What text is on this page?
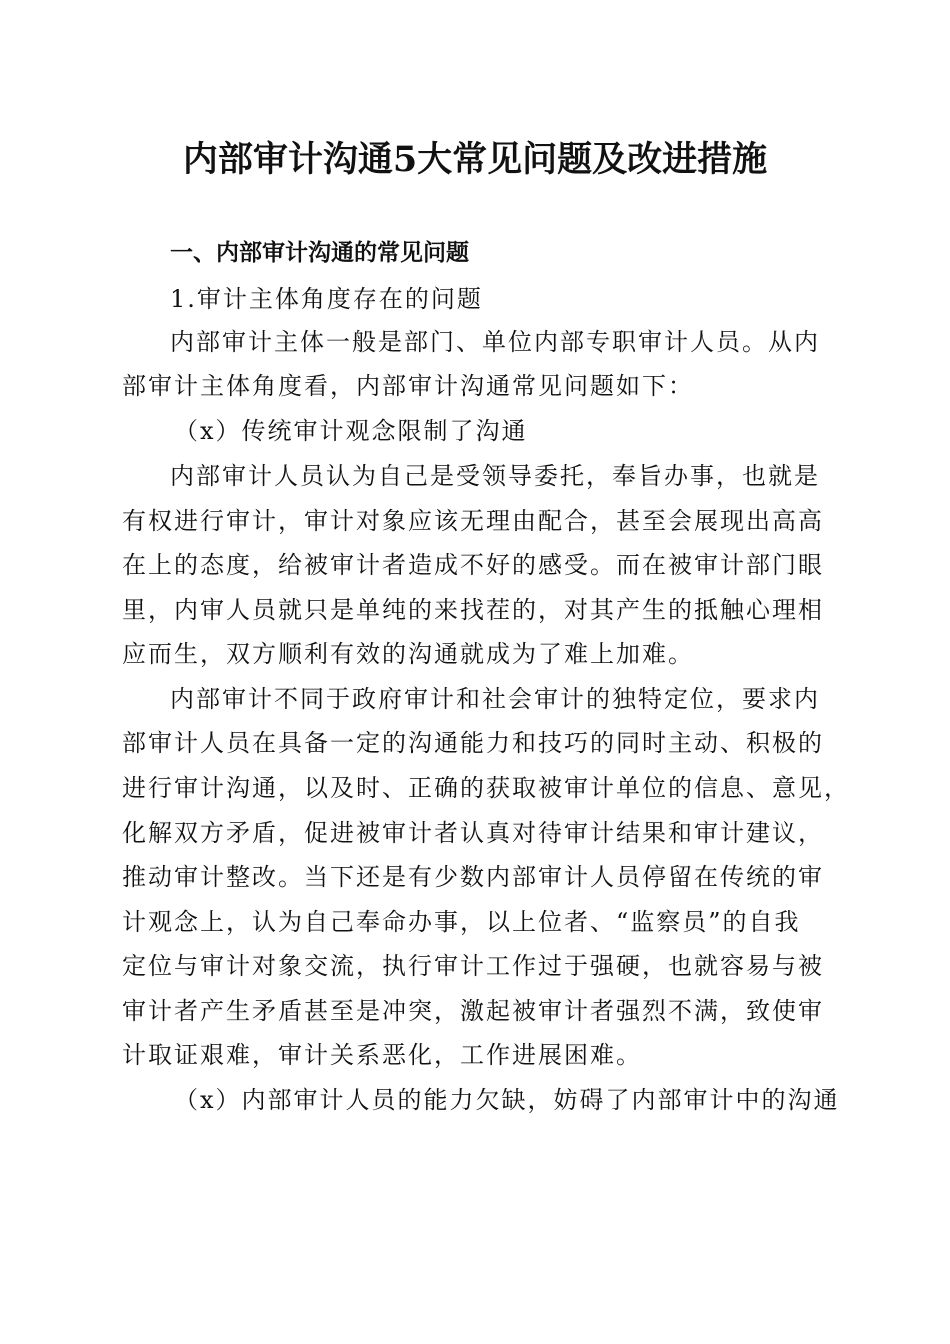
内部审计沟通5大常见问题及改进措施
一、内部审计沟通的常见问题
1.审计主体角度存在的问题
内部审计主体一般是部门、单位内部专职审计人员。从内
部审计主体角度看，内部审计沟通常见问题如下：
（x）传统审计观念限制了沟通
内部审计人员认为自己是受领导委托，奉旨办事，也就是
有权进行审计，审计对象应该无理由配合，甚至会展现出高高
在上的态度，给被审计者造成不好的感受。而在被审计部门眼
里，内审人员就只是单纯的来找茬的，对其产生的抵触心理相
应而生，双方顺利有效的沟通就成为了难上加难。
内部审计不同于政府审计和社会审计的独特定位，要求内
部审计人员在具备一定的沟通能力和技巧的同时主动、积极的
进行审计沟通，以及时、正确的获取被审计单位的信息、意见，
化解双方矛盾，促进被审计者认真对待审计结果和审计建议，
推动审计整改。当下还是有少数内部审计人员停留在传统的审
计观念上，认为自己奉命办事，以上位者、“监察员”的自我
定位与审计对象交流，执行审计工作过于强硬，也就容易与被
审计者产生矛盾甚至是冲突，激起被审计者强烈不满，致使审
计取证艰难，审计关系恶化，工作进展困难。
（x）内部审计人员的能力欠缺，妨碍了内部审计中的沟通
